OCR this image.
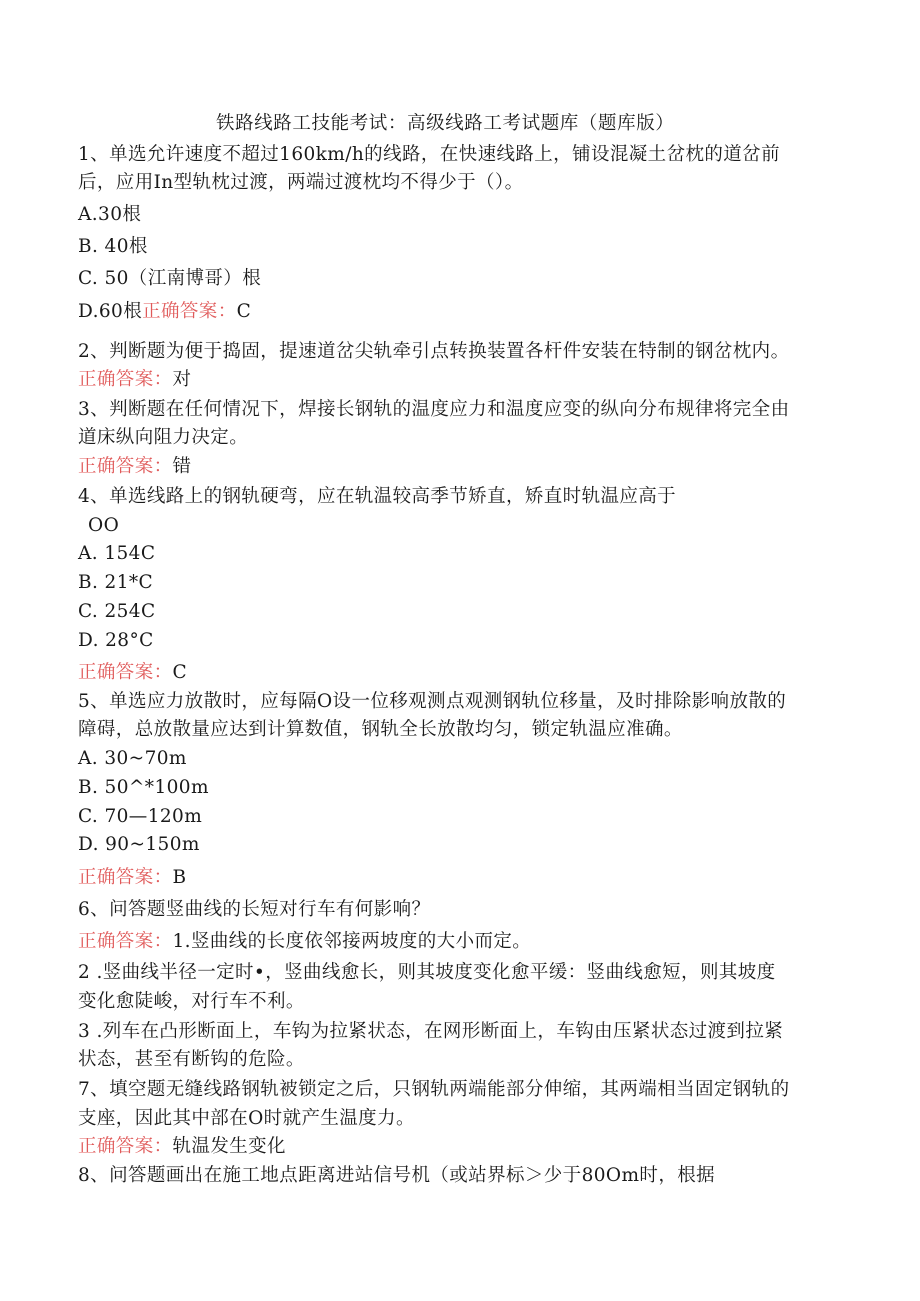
铁路线路工技能考试：高级线路工考试题库（题库版）
1、单选允许速度不超过160km/h的线路，在快速线路上，铺设混凝土岔枕的道岔前
后，应用In型轨枕过渡，两端过渡枕均不得少于（）。
A.30根
B. 40根
C. 50（江南博哥）根
D.60根正确答案：C
2、判断题为便于捣固，提速道岔尖轨牵引点转换装置各杆件安装在特制的钢岔枕内。
正确答案：对
3、判断题在任何情况下，焊接长钢轨的温度应力和温度应变的纵向分布规律将完全由
道床纵向阻力决定。
正确答案：错
4、单选线路上的钢轨硬弯，应在轨温较高季节矫直，矫直时轨温应高于
OO
A. 154C
B. 21*C
C. 254C
D. 28°C
正确答案：C
5、单选应力放散时，应每隔O设一位移观测点观测钢轨位移量，及时排除影响放散的
障碍，总放散量应达到计算数值，钢轨全长放散均匀，锁定轨温应准确。
A. 30~70m
B. 50^*100m
C. 70—120m
D. 90~150m
正确答案：B
6、问答题竖曲线的长短对行车有何影响？
正确答案：1.竖曲线的长度依邻接两坡度的大小而定。
2 .竖曲线半径一定时•，竖曲线愈长，则其坡度变化愈平缓：竖曲线愈短，则其坡度
变化愈陡峻，对行车不利。
3 .列车在凸形断面上，车钩为拉紧状态，在网形断面上，车钩由压紧状态过渡到拉紧
状态，甚至有断钩的危险。
7、填空题无缝线路钢轨被锁定之后，只钢轨两端能部分伸缩，其两端相当固定钢轨的
支座，因此其中部在O时就产生温度力。
正确答案：轨温发生变化
8、问答题画出在施工地点距离进站信号机（或站界标＞少于80Om时，根据
